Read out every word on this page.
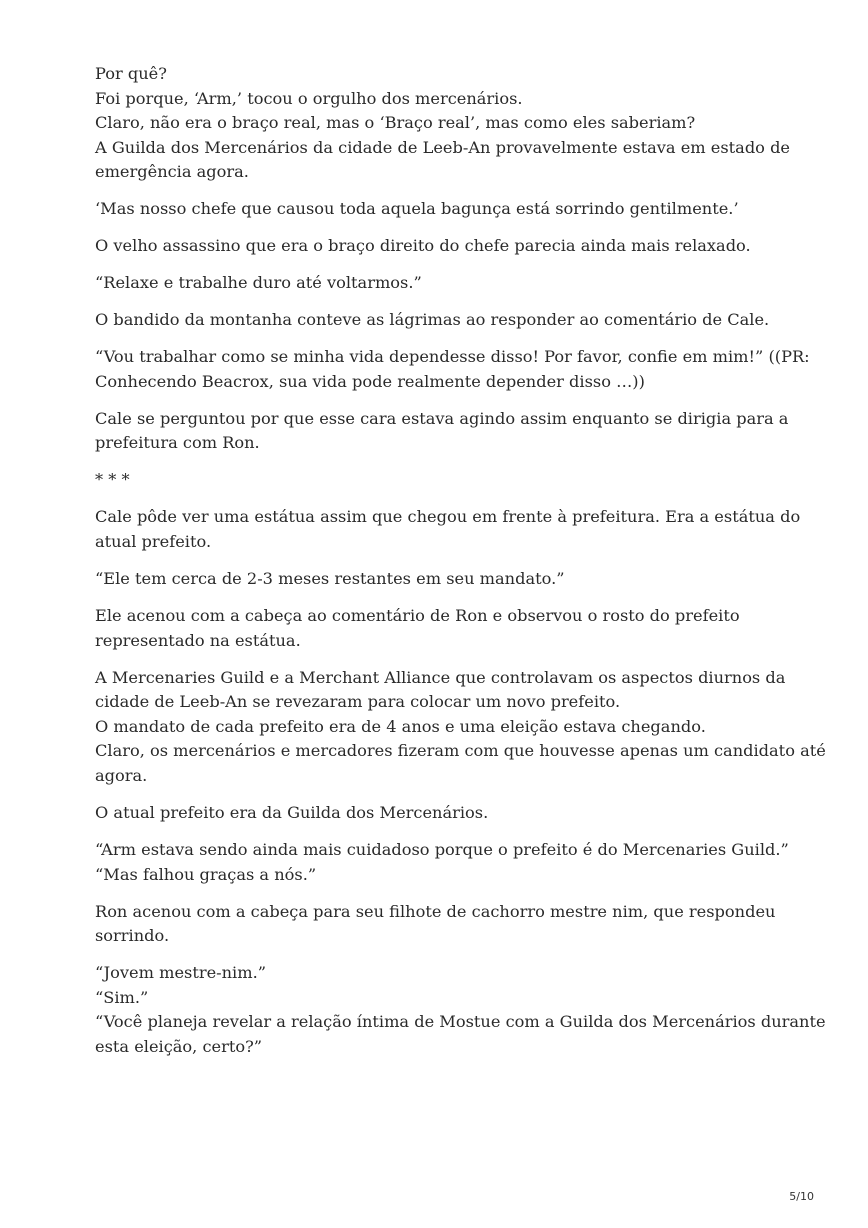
Por quê?
Foi porque, ‘Arm,’ tocou o orgulho dos mercenários.
Claro, não era o braço real, mas o ‘Braço real’, mas como eles saberiam?
A Guilda dos Mercenários da cidade de Leeb-An provavelmente estava em estado de
emergência agora.

‘Mas nosso chefe que causou toda aquela bagunça está sorrindo gentilmente.’

O velho assassino que era o braço direito do chefe parecia ainda mais relaxado.

“Relaxe e trabalhe duro até voltarmos.”

O bandido da montanha conteve as lágrimas ao responder ao comentário de Cale.

“Vou trabalhar como se minha vida dependesse disso! Por favor, confie em mim!” ((PR:
Conhecendo Beacrox, sua vida pode realmente depender disso …))

Cale se perguntou por que esse cara estava agindo assim enquanto se dirigia para a
prefeitura com Ron.

* * *

Cale pôde ver uma estátua assim que chegou em frente à prefeitura. Era a estátua do
atual prefeito.

“Ele tem cerca de 2-3 meses restantes em seu mandato.”

Ele acenou com a cabeça ao comentário de Ron e observou o rosto do prefeito
representado na estátua.

A Mercenaries Guild e a Merchant Alliance que controlavam os aspectos diurnos da
cidade de Leeb-An se revezaram para colocar um novo prefeito.
O mandato de cada prefeito era de 4 anos e uma eleição estava chegando.
Claro, os mercenários e mercadores fizeram com que houvesse apenas um candidato até
agora.

O atual prefeito era da Guilda dos Mercenários.

“Arm estava sendo ainda mais cuidadoso porque o prefeito é do Mercenaries Guild.”
“Mas falhou graças a nós.”

Ron acenou com a cabeça para seu filhote de cachorro mestre nim, que respondeu
sorrindo.

“Jovem mestre-nim.”
“Sim.”
“Você planeja revelar a relação íntima de Mostue com a Guilda dos Mercenários durante
esta eleição, certo?”

5/10
